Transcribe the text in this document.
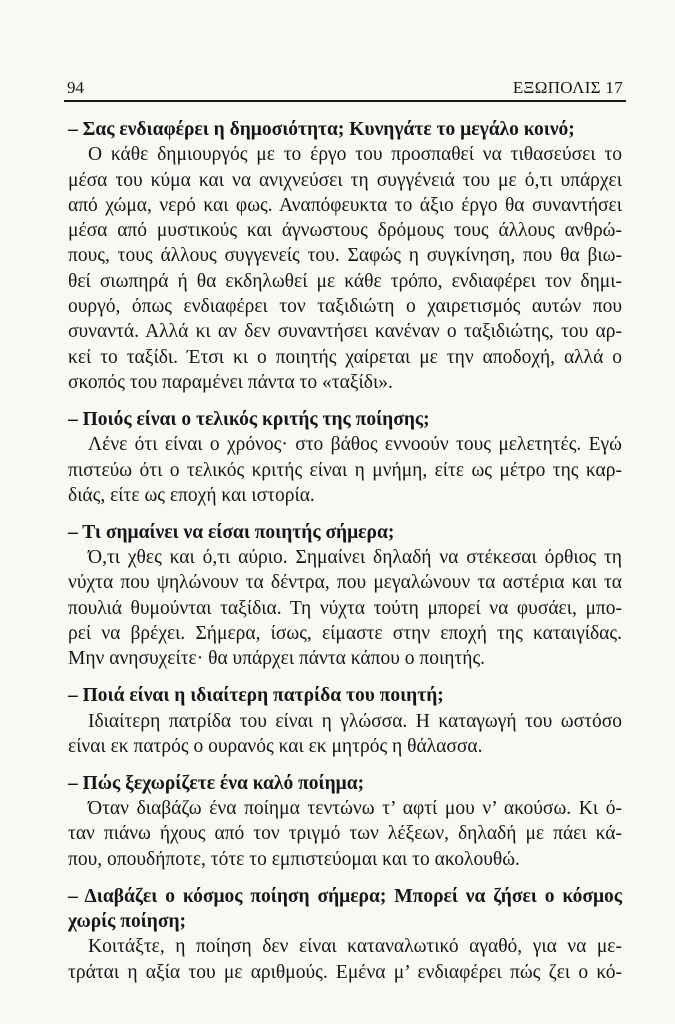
94	ΕΞΩΠΟΛΙΣ 17
– Σας ενδιαφέρει η δημοσιότητα; Κυνηγάτε το μεγάλο κοινό;
Ο κάθε δημιουργός με το έργο του προσπαθεί να τιθασεύσει το
μέσα του κύμα και να ανιχνεύσει τη συγγένειά του με ό,τι υπάρχει
από χώμα, νερό και φως. Αναπόφευκτα το άξιο έργο θα συναντήσει
μέσα από μυστικούς και άγνωστους δρόμους τους άλλους ανθρώ-
πους, τους άλλους συγγενείς του. Σαφώς η συγκίνηση, που θα βιω-
θεί σιωπηρά ή θα εκδηλωθεί με κάθε τρόπο, ενδιαφέρει τον δημι-
ουργό, όπως ενδιαφέρει τον ταξιδιώτη ο χαιρετισμός αυτών που
συναντά. Αλλά κι αν δεν συναντήσει κανέναν ο ταξιδιώτης, του αρ-
κεί το ταξίδι. Έτσι κι ο ποιητής χαίρεται με την αποδοχή, αλλά ο
σκοπός του παραμένει πάντα το «ταξίδι».
– Ποιός είναι ο τελικός κριτής της ποίησης;
Λένε ότι είναι ο χρόνος· στο βάθος εννοούν τους μελετητές. Εγώ
πιστεύω ότι ο τελικός κριτής είναι η μνήμη, είτε ως μέτρο της καρ-
διάς, είτε ως εποχή και ιστορία.
– Τι σημαίνει να είσαι ποιητής σήμερα;
Ό,τι χθες και ό,τι αύριο. Σημαίνει δηλαδή να στέκεσαι όρθιος τη
νύχτα που ψηλώνουν τα δέντρα, που μεγαλώνουν τα αστέρια και τα
πουλιά θυμούνται ταξίδια. Τη νύχτα τούτη μπορεί να φυσάει, μπο-
ρεί να βρέχει. Σήμερα, ίσως, είμαστε στην εποχή της καταιγίδας.
Μην ανησυχείτε· θα υπάρχει πάντα κάπου ο ποιητής.
– Ποιά είναι η ιδιαίτερη πατρίδα του ποιητή;
Ιδιαίτερη πατρίδα του είναι η γλώσσα. Η καταγωγή του ωστόσο
είναι εκ πατρός ο ουρανός και εκ μητρός η θάλασσα.
– Πώς ξεχωρίζετε ένα καλό ποίημα;
Όταν διαβάζω ένα ποίημα τεντώνω τ’ αφτί μου ν’ ακούσω. Κι ό-
ταν πιάνω ήχους από τον τριγμό των λέξεων, δηλαδή με πάει κά-
που, οπουδήποτε, τότε το εμπιστεύομαι και το ακολουθώ.
– Διαβάζει ο κόσμος ποίηση σήμερα; Μπορεί να ζήσει ο κόσμος
χωρίς ποίηση;
Κοιτάξτε, η ποίηση δεν είναι καταναλωτικό αγαθό, για να με-
τράται η αξία του με αριθμούς. Εμένα μ’ ενδιαφέρει πώς ζει ο κό-
